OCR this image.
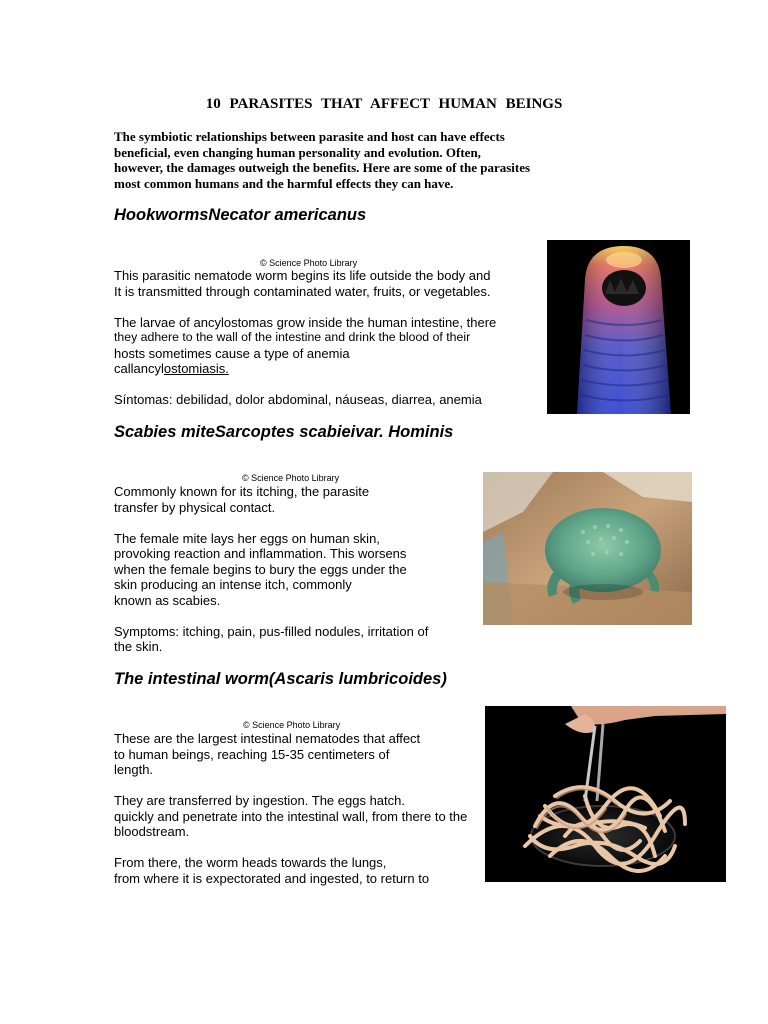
10 PARASITES THAT AFFECT HUMAN BEINGS
The symbiotic relationships between parasite and host can have effects
beneficial, even changing human personality and evolution. Often,
however, the damages outweigh the benefits. Here are some of the parasites
most common humans and the harmful effects they can have.
HookwormsNecator americanus
© Science Photo Library
This parasitic nematode worm begins its life outside the body and
It is transmitted through contaminated water, fruits, or vegetables.
The larvae of ancylostomas grow inside the human intestine, there
they adhere to the wall of the intestine and drink the blood of their
hosts sometimes cause a type of anemia
callancylostomiasis.
Síntomas: debilidad, dolor abdominal, náuseas, diarrea, anemia
Scabies miteSarcoptes scabieivar. Hominis
© Science Photo Library
Commonly known for its itching, the parasite
transfer by physical contact.
The female mite lays her eggs on human skin,
provoking reaction and inflammation. This worsens
when the female begins to bury the eggs under the
skin producing an intense itch, commonly
known as scabies.
Symptoms: itching, pain, pus-filled nodules, irritation of
the skin.
The intestinal worm(Ascaris lumbricoides)
© Science Photo Library
These are the largest intestinal nematodes that affect
to human beings, reaching 15-35 centimeters of
length.
They are transferred by ingestion. The eggs hatch.
quickly and penetrate into the intestinal wall, from there to the
bloodstream.
From there, the worm heads towards the lungs,
from where it is expectorated and ingested, to return to
